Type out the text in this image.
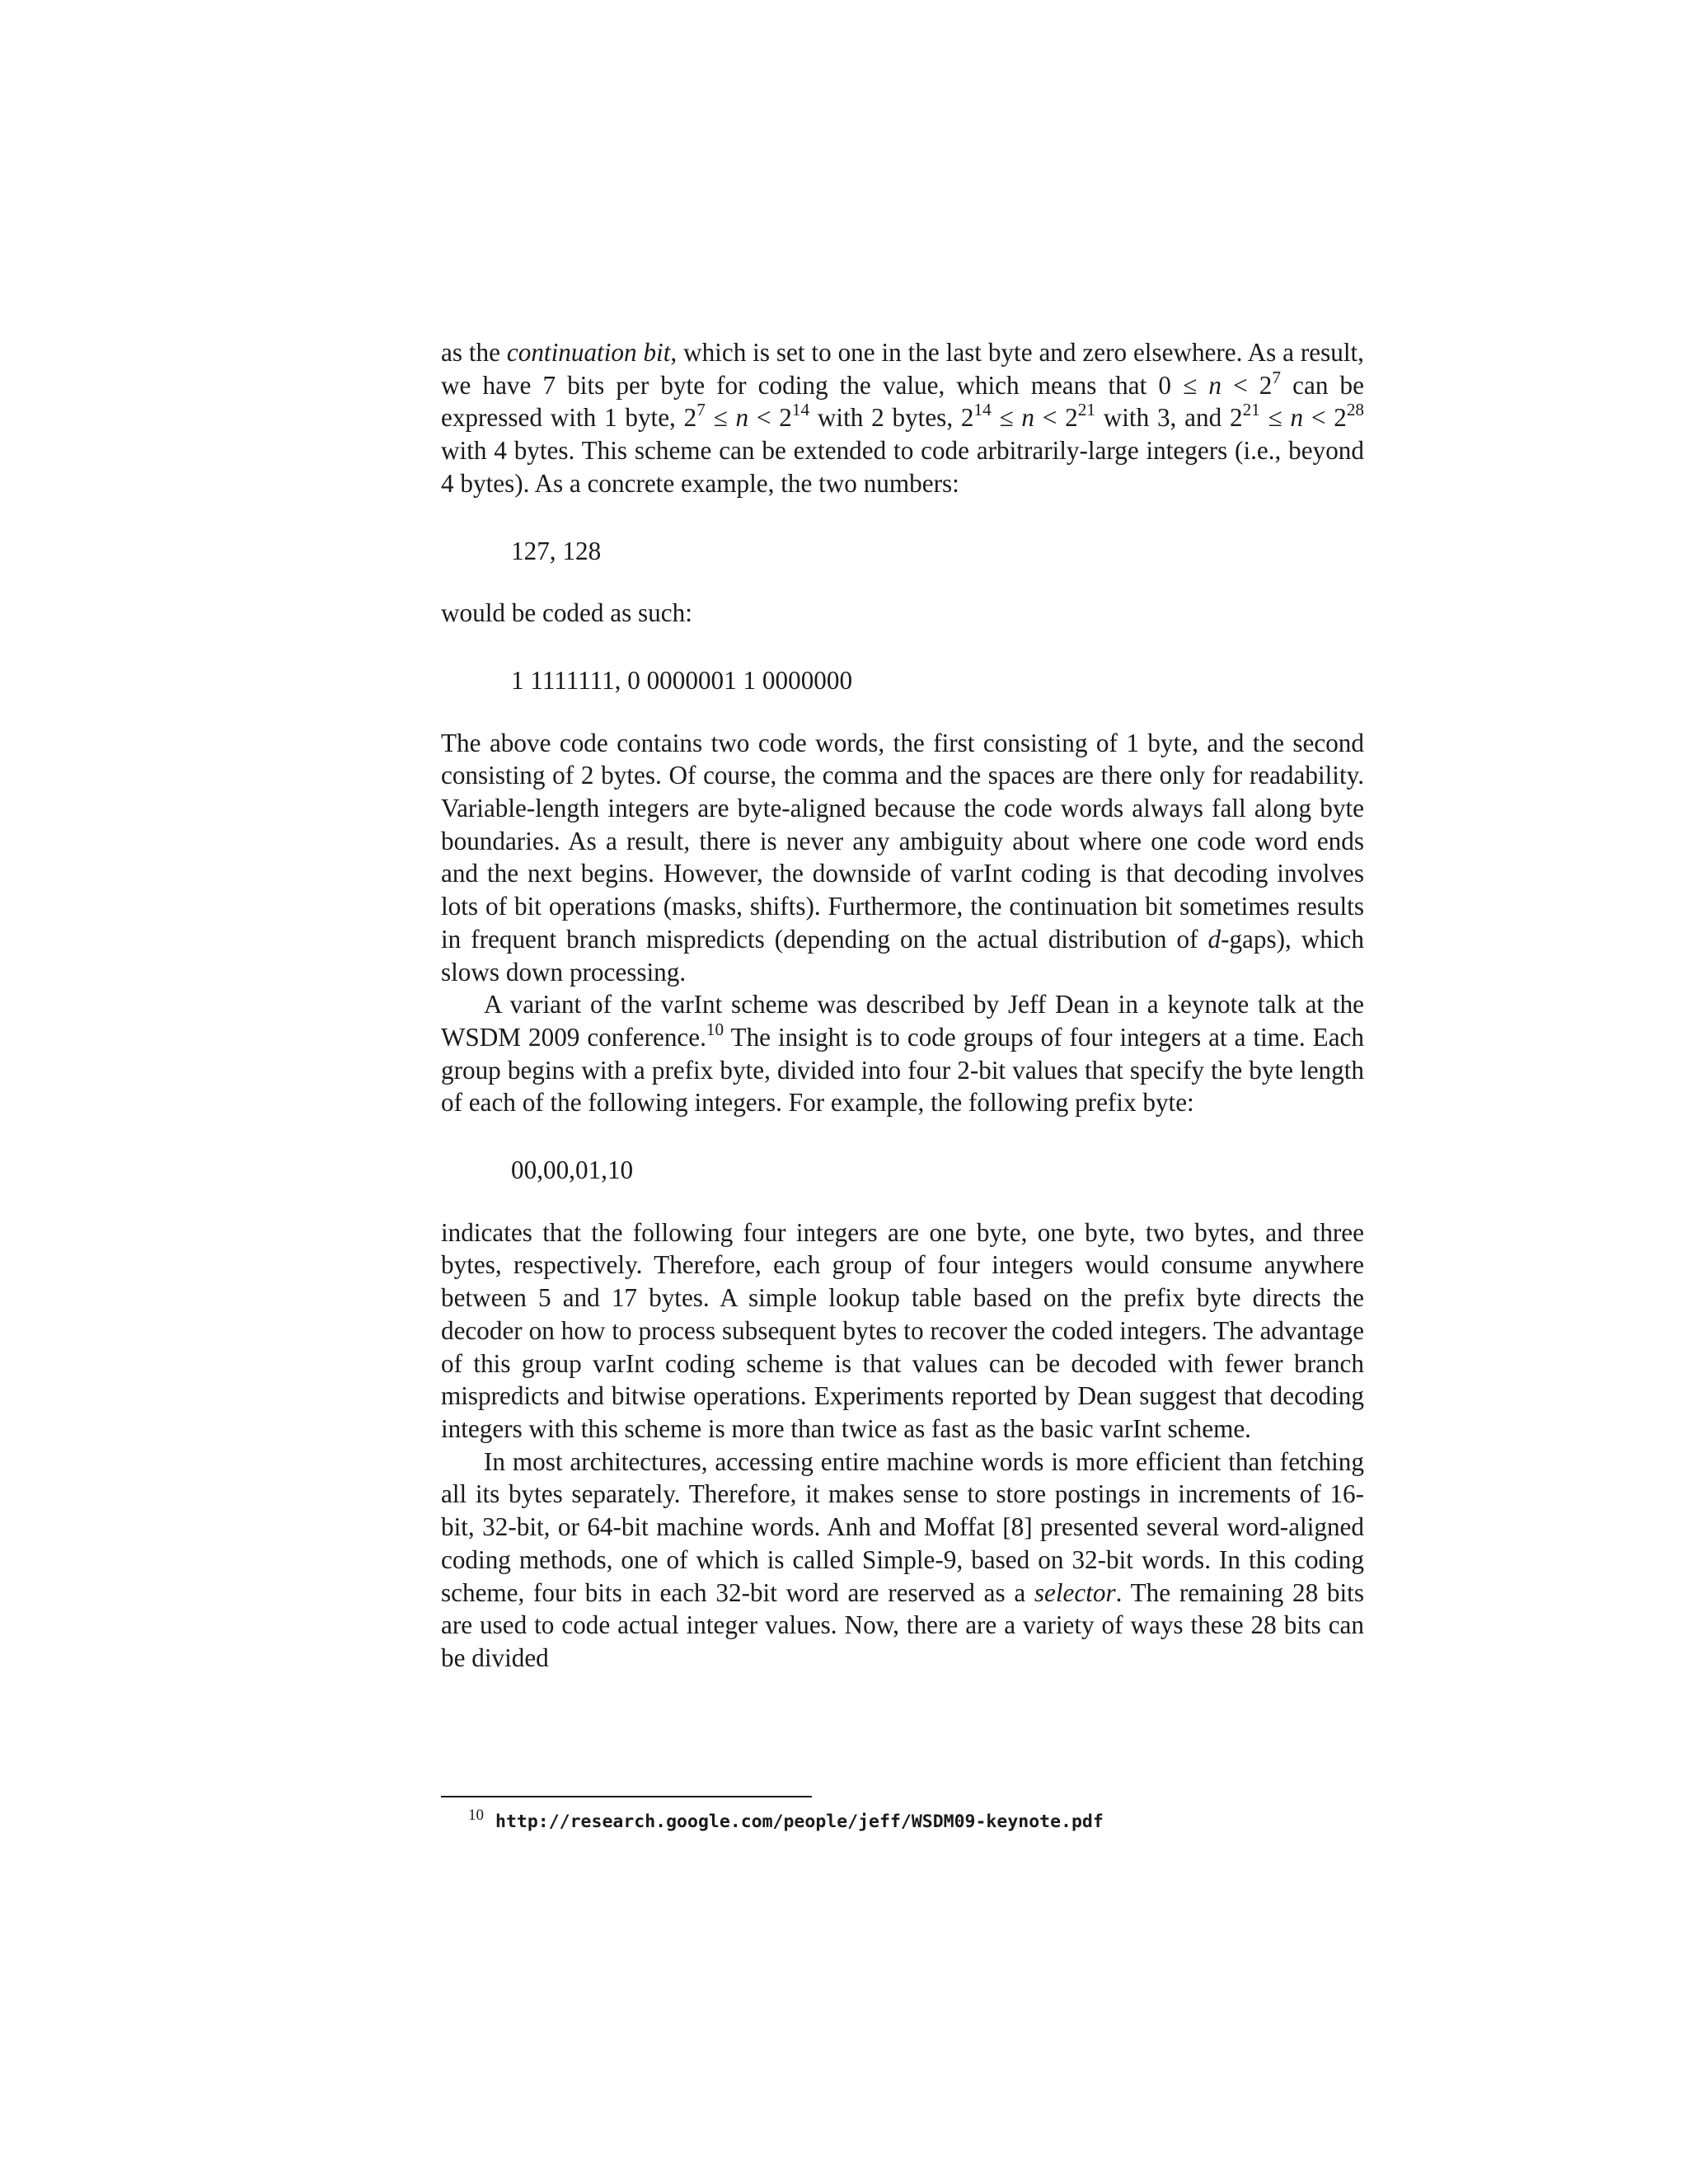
as the continuation bit, which is set to one in the last byte and zero elsewhere. As a result, we have 7 bits per byte for coding the value, which means that $0 \le n < 2^7$ can be expressed with 1 byte, $2^7 \le n < 2^{14}$ with 2 bytes, $2^{14} \le n < 2^{21}$ with 3, and $2^{21} \le n < 2^{28}$ with 4 bytes. This scheme can be extended to code arbitrarily-large integers (i.e., beyond 4 bytes). As a concrete example, the two numbers:

127, 128

would be coded as such:

1 1111111, 0 0000001 1 0000000

The above code contains two code words, the first consisting of 1 byte, and the second consisting of 2 bytes. Of course, the comma and the spaces are there only for readability. Variable-length integers are byte-aligned because the code words always fall along byte boundaries. As a result, there is never any ambiguity about where one code word ends and the next begins. However, the downside of varInt coding is that decoding involves lots of bit operations (masks, shifts). Furthermore, the continuation bit sometimes results in frequent branch mispredicts (depending on the actual distribution of d-gaps), which slows down processing.

A variant of the varInt scheme was described by Jeff Dean in a keynote talk at the WSDM 2009 conference.$^{10}$ The insight is to code groups of four integers at a time. Each group begins with a prefix byte, divided into four 2-bit values that specify the byte length of each of the following integers. For example, the following prefix byte:

00,00,01,10

indicates that the following four integers are one byte, one byte, two bytes, and three bytes, respectively. Therefore, each group of four integers would consume anywhere between 5 and 17 bytes. A simple lookup table based on the prefix byte directs the decoder on how to process subsequent bytes to recover the coded integers. The advantage of this group varInt coding scheme is that values can be decoded with fewer branch mispredicts and bitwise operations. Experiments reported by Dean suggest that decoding integers with this scheme is more than twice as fast as the basic varInt scheme.

In most architectures, accessing entire machine words is more efficient than fetching all its bytes separately. Therefore, it makes sense to store postings in increments of 16-bit, 32-bit, or 64-bit machine words. Anh and Moffat [8] presented several word-aligned coding methods, one of which is called Simple-9, based on 32-bit words. In this coding scheme, four bits in each 32-bit word are reserved as a selector. The remaining 28 bits are used to code actual integer values. Now, there are a variety of ways these 28 bits can be divided

10 http://research.google.com/people/jeff/WSDM09-keynote.pdf
